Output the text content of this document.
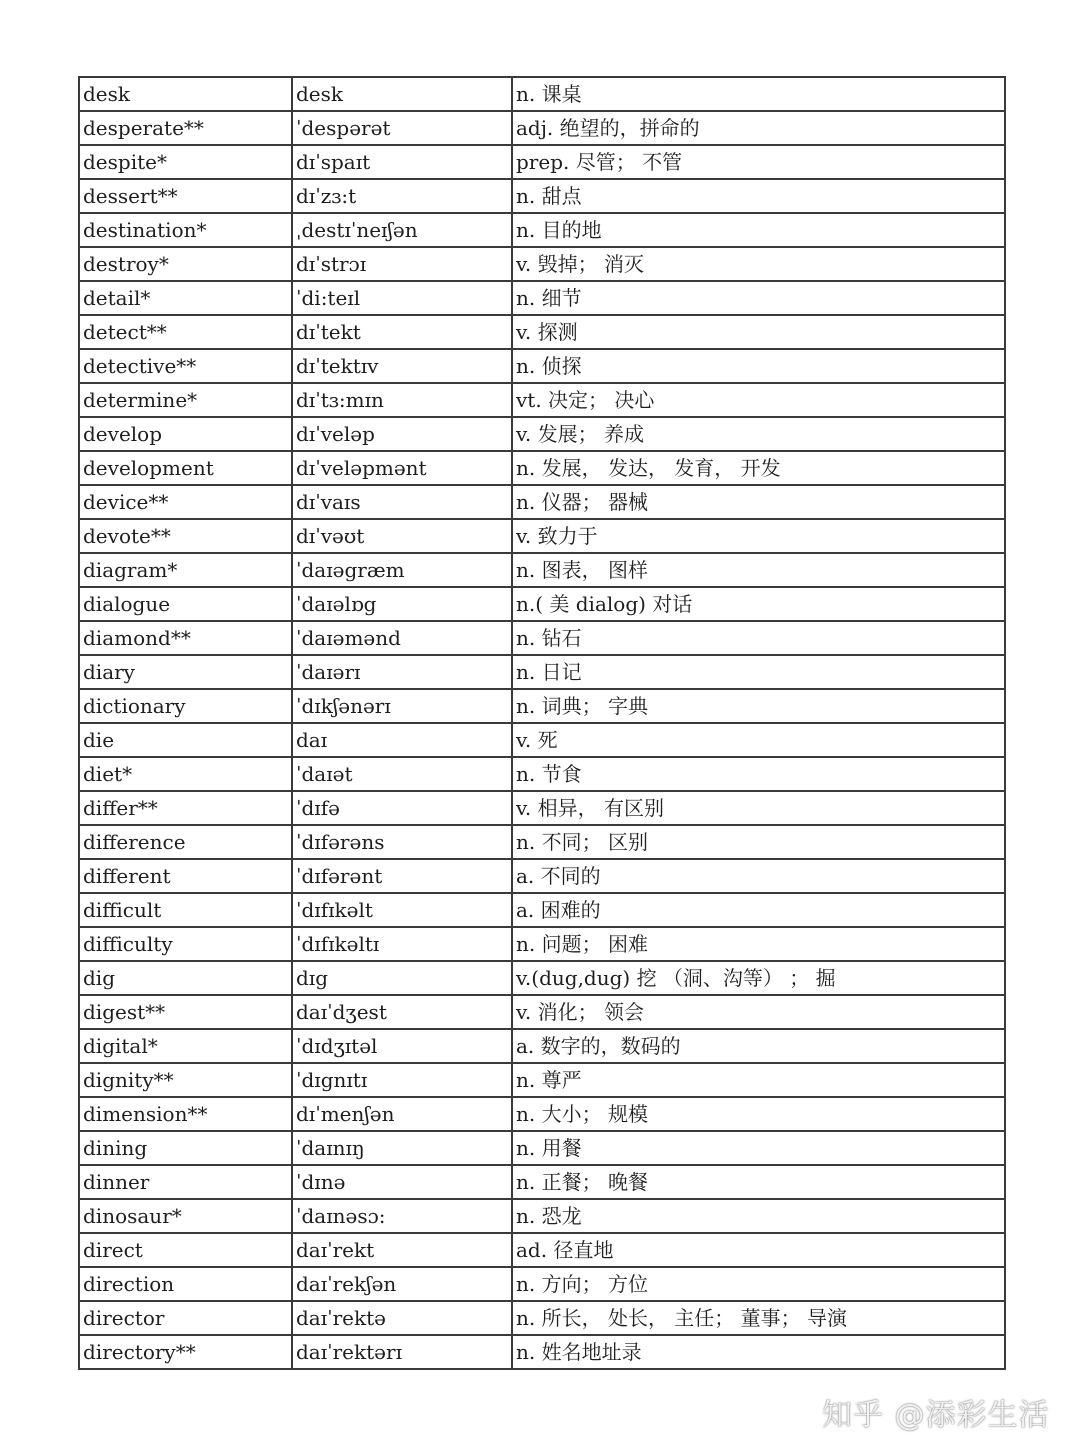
desk	desk	n. 课桌
desperate**	ˈdespərət	adj. 绝望的，拼命的
despite*	dɪˈspaɪt	prep. 尽管； 不管
dessert**	dɪˈzɜ:t	n. 甜点
destination*	ˌdestɪˈneɪʃən	n. 目的地
destroy*	dɪˈstrɔɪ	v. 毁掉； 消灭
detail*	ˈdi:teɪl	n. 细节
detect**	dɪˈtekt	v. 探测
detective**	dɪˈtektɪv	n. 侦探
determine*	dɪˈtɜ:mɪn	vt. 决定； 决心
develop	dɪˈveləp	v. 发展； 养成
development	dɪˈveləpmənt	n. 发展， 发达， 发育， 开发
device**	dɪˈvaɪs	n. 仪器； 器械
devote**	dɪˈvəʊt	v. 致力于
diagram*	ˈdaɪəgræm	n. 图表， 图样
dialogue	ˈdaɪəlɒg	n.( 美 dialog) 对话
diamond**	ˈdaɪəmənd	n. 钻石
diary	ˈdaɪərɪ	n. 日记
dictionary	ˈdɪkʃənərɪ	n. 词典； 字典
die	daɪ	v. 死
diet*	ˈdaɪət	n. 节食
differ**	ˈdɪfə	v. 相异， 有区别
difference	ˈdɪfərəns	n. 不同； 区别
different	ˈdɪfərənt	a. 不同的
difficult	ˈdɪfɪkəlt	a. 困难的
difficulty	ˈdɪfɪkəltɪ	n. 问题； 困难
dig	dɪg	v.(dug,dug) 挖 （洞、沟等） ； 掘
digest**	daɪˈdʒest	v. 消化； 领会
digital*	ˈdɪdʒɪtəl	a. 数字的，数码的
dignity**	ˈdɪgnɪtɪ	n. 尊严
dimension**	dɪˈmenʃən	n. 大小； 规模
dining	ˈdaɪnɪŋ	n. 用餐
dinner	ˈdɪnə	n. 正餐； 晚餐
dinosaur*	ˈdaɪnəsɔ:	n. 恐龙
direct	daɪˈrekt	ad. 径直地
direction	daɪˈrekʃən	n. 方向； 方位
director	daɪˈrektə	n. 所长， 处长， 主任； 董事； 导演
directory**	daɪˈrektərɪ	n. 姓名地址录
知乎 @添彩生活
